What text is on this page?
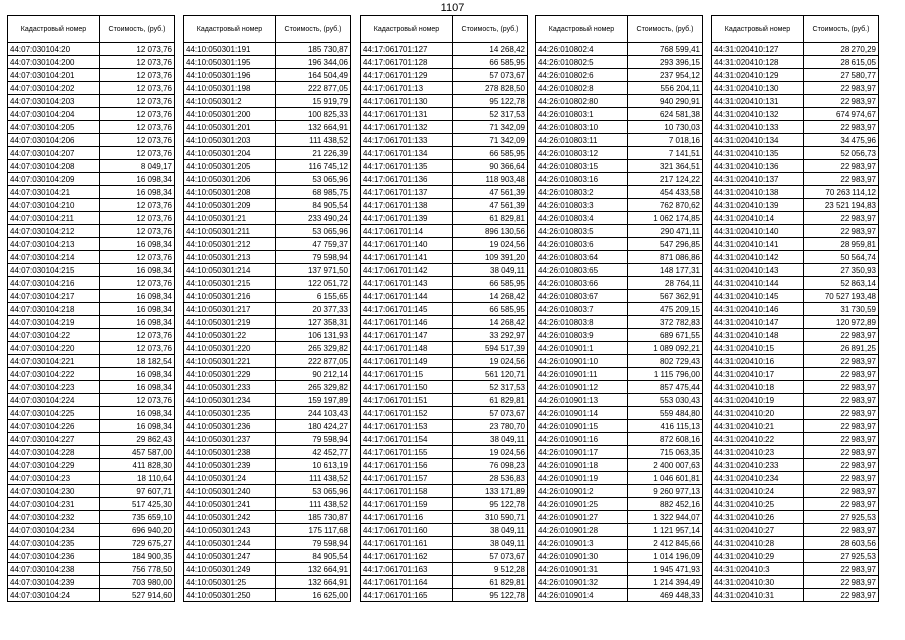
1107
Кадастровый номер	Стоимость, (руб.)
44:07:030104:20	12 073,76
44:07:030104:200	12 073,76
44:07:030104:201	12 073,76
44:07:030104:202	12 073,76
44:07:030104:203	12 073,76
44:07:030104:204	12 073,76
44:07:030104:205	12 073,76
44:07:030104:206	12 073,76
44:07:030104:207	12 073,76
44:07:030104:208	8 049,17
44:07:030104:209	16 098,34
44:07:030104:21	16 098,34
44:07:030104:210	12 073,76
44:07:030104:211	12 073,76
44:07:030104:212	12 073,76
44:07:030104:213	16 098,34
44:07:030104:214	12 073,76
44:07:030104:215	16 098,34
44:07:030104:216	12 073,76
44:07:030104:217	16 098,34
44:07:030104:218	16 098,34
44:07:030104:219	16 098,34
44:07:030104:22	12 073,76
44:07:030104:220	12 073,76
44:07:030104:221	18 182,54
44:07:030104:222	16 098,34
44:07:030104:223	16 098,34
44:07:030104:224	12 073,76
44:07:030104:225	16 098,34
44:07:030104:226	16 098,34
44:07:030104:227	29 862,43
44:07:030104:228	457 587,00
44:07:030104:229	411 828,30
44:07:030104:23	18 110,64
44:07:030104:230	97 607,71
44:07:030104:231	517 425,30
44:07:030104:232	735 659,10
44:07:030104:234	696 940,20
44:07:030104:235	729 675,27
44:07:030104:236	184 900,35
44:07:030104:238	756 778,50
44:07:030104:239	703 980,00
44:07:030104:24	527 914,60
Кадастровый номер	Стоимость, (руб.)
44:10:050301:191	185 730,87
44:10:050301:195	196 344,06
44:10:050301:196	164 504,49
44:10:050301:198	222 877,05
44:10:050301:2	15 919,79
44:10:050301:200	100 825,33
44:10:050301:201	132 664,91
44:10:050301:203	111 438,52
44:10:050301:204	21 226,39
44:10:050301:205	116 745,12
44:10:050301:206	53 065,96
44:10:050301:208	68 985,75
44:10:050301:209	84 905,54
44:10:050301:21	233 490,24
44:10:050301:211	53 065,96
44:10:050301:212	47 759,37
44:10:050301:213	79 598,94
44:10:050301:214	137 971,50
44:10:050301:215	122 051,72
44:10:050301:216	6 155,65
44:10:050301:217	20 377,33
44:10:050301:219	127 358,31
44:10:050301:22	106 131,93
44:10:050301:220	265 329,82
44:10:050301:221	222 877,05
44:10:050301:229	90 212,14
44:10:050301:233	265 329,82
44:10:050301:234	159 197,89
44:10:050301:235	244 103,43
44:10:050301:236	180 424,27
44:10:050301:237	79 598,94
44:10:050301:238	42 452,77
44:10:050301:239	10 613,19
44:10:050301:24	111 438,52
44:10:050301:240	53 065,96
44:10:050301:241	111 438,52
44:10:050301:242	185 730,87
44:10:050301:243	175 117,68
44:10:050301:244	79 598,94
44:10:050301:247	84 905,54
44:10:050301:249	132 664,91
44:10:050301:25	132 664,91
44:10:050301:250	16 625,00
Кадастровый номер	Стоимость, (руб.)
44:17:061701:127	14 268,42
44:17:061701:128	66 585,95
44:17:061701:129	57 073,67
44:17:061701:13	278 828,50
44:17:061701:130	95 122,78
44:17:061701:131	52 317,53
44:17:061701:132	71 342,09
44:17:061701:133	71 342,09
44:17:061701:134	66 585,95
44:17:061701:135	90 366,64
44:17:061701:136	118 903,48
44:17:061701:137	47 561,39
44:17:061701:138	47 561,39
44:17:061701:139	61 829,81
44:17:061701:14	896 130,56
44:17:061701:140	19 024,56
44:17:061701:141	109 391,20
44:17:061701:142	38 049,11
44:17:061701:143	66 585,95
44:17:061701:144	14 268,42
44:17:061701:145	66 585,95
44:17:061701:146	14 268,42
44:17:061701:147	33 292,97
44:17:061701:148	594 517,39
44:17:061701:149	19 024,56
44:17:061701:15	561 120,71
44:17:061701:150	52 317,53
44:17:061701:151	61 829,81
44:17:061701:152	57 073,67
44:17:061701:153	23 780,70
44:17:061701:154	38 049,11
44:17:061701:155	19 024,56
44:17:061701:156	76 098,23
44:17:061701:157	28 536,83
44:17:061701:158	133 171,89
44:17:061701:159	95 122,78
44:17:061701:16	310 590,71
44:17:061701:160	38 049,11
44:17:061701:161	38 049,11
44:17:061701:162	57 073,67
44:17:061701:163	9 512,28
44:17:061701:164	61 829,81
44:17:061701:165	95 122,78
Кадастровый номер	Стоимость, (руб.)
44:26:010802:4	768 599,41
44:26:010802:5	293 396,15
44:26:010802:6	237 954,12
44:26:010802:8	556 204,11
44:26:010802:80	940 290,91
44:26:010803:1	624 581,38
44:26:010803:10	10 730,03
44:26:010803:11	7 018,16
44:26:010803:12	7 141,51
44:26:010803:15	321 364,51
44:26:010803:16	217 124,22
44:26:010803:2	454 433,58
44:26:010803:3	762 870,62
44:26:010803:4	1 062 174,85
44:26:010803:5	290 471,11
44:26:010803:6	547 296,85
44:26:010803:64	871 086,86
44:26:010803:65	148 177,31
44:26:010803:66	28 764,11
44:26:010803:67	567 362,91
44:26:010803:7	475 209,15
44:26:010803:8	372 782,83
44:26:010803:9	689 671,55
44:26:010901:1	1 089 092,21
44:26:010901:10	802 729,43
44:26:010901:11	1 115 796,00
44:26:010901:12	857 475,44
44:26:010901:13	553 030,43
44:26:010901:14	559 484,80
44:26:010901:15	416 115,13
44:26:010901:16	872 608,16
44:26:010901:17	715 063,35
44:26:010901:18	2 400 007,63
44:26:010901:19	1 046 601,81
44:26:010901:2	9 260 977,13
44:26:010901:25	882 452,16
44:26:010901:27	1 322 944,07
44:26:010901:28	1 121 957,14
44:26:010901:3	2 412 845,66
44:26:010901:30	1 014 196,09
44:26:010901:31	1 945 471,93
44:26:010901:32	1 214 394,49
44:26:010901:4	469 448,33
Кадастровый номер	Стоимость, (руб.)
44:31:020410:127	28 270,29
44:31:020410:128	28 615,05
44:31:020410:129	27 580,77
44:31:020410:130	22 983,97
44:31:020410:131	22 983,97
44:31:020410:132	674 974,67
44:31:020410:133	22 983,97
44:31:020410:134	34 475,96
44:31:020410:135	52 056,73
44:31:020410:136	22 983,97
44:31:020410:137	22 983,97
44:31:020410:138	70 263 114,12
44:31:020410:139	23 521 194,83
44:31:020410:14	22 983,97
44:31:020410:140	22 983,97
44:31:020410:141	28 959,81
44:31:020410:142	50 564,74
44:31:020410:143	27 350,93
44:31:020410:144	52 863,14
44:31:020410:145	70 527 193,48
44:31:020410:146	31 730,59
44:31:020410:147	120 972,89
44:31:020410:148	22 983,97
44:31:020410:15	26 891,25
44:31:020410:16	22 983,97
44:31:020410:17	22 983,97
44:31:020410:18	22 983,97
44:31:020410:19	22 983,97
44:31:020410:20	22 983,97
44:31:020410:21	22 983,97
44:31:020410:22	22 983,97
44:31:020410:23	22 983,97
44:31:020410:233	22 983,97
44:31:020410:234	22 983,97
44:31:020410:24	22 983,97
44:31:020410:25	22 983,97
44:31:020410:26	27 925,53
44:31:020410:27	22 983,97
44:31:020410:28	28 603,56
44:31:020410:29	27 925,53
44:31:020410:3	22 983,97
44:31:020410:30	22 983,97
44:31:020410:31	22 983,97
